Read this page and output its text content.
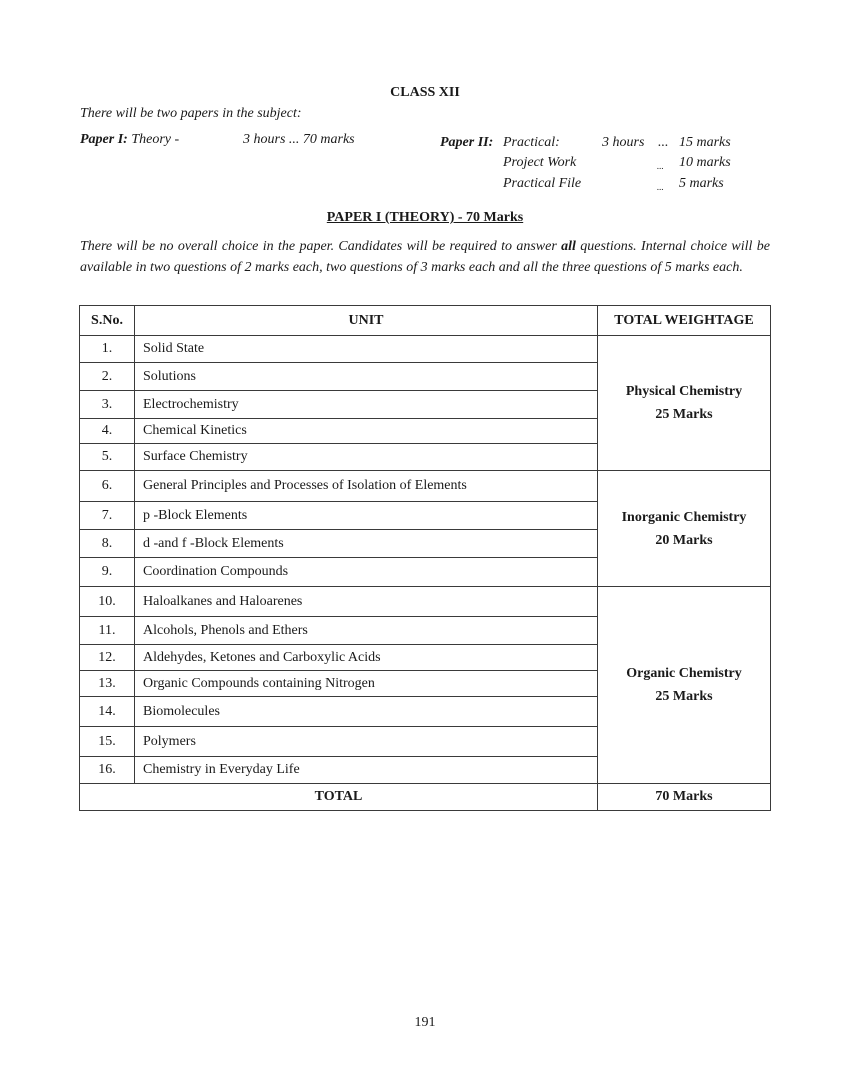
CLASS XII
There will be two papers in the subject:
Paper I: Theory -	3 hours ... 70 marks	Paper II: Practical:	3 hours ... 15 marks
Project Work	... 10 marks
Practical File	... 5 marks
PAPER I (THEORY) - 70 Marks
There will be no overall choice in the paper. Candidates will be required to answer all questions. Internal choice will be available in two questions of 2 marks each, two questions of 3 marks each and all the three questions of 5 marks each.
S.No.	UNIT	TOTAL WEIGHTAGE
1.	Solid State	Physical Chemistry
25 Marks

2.	Solutions	
3.	Electrochemistry	
4.	Chemical Kinetics	
5.	Surface Chemistry	
6.	General Principles and Processes of Isolation of Elements	Inorganic Chemistry
20 Marks

7.	p -Block Elements	
8.	d -and f -Block Elements	
9.	Coordination Compounds	
10.	Haloalkanes and Haloarenes	Organic Chemistry
25 Marks

11.	Alcohols, Phenols and Ethers	
12.	Aldehydes, Ketones and Carboxylic Acids	
13.	Organic Compounds containing Nitrogen	
14.	Biomolecules	
15.	Polymers	
16.	Chemistry in Everyday Life	
TOTAL		70 Marks
191
